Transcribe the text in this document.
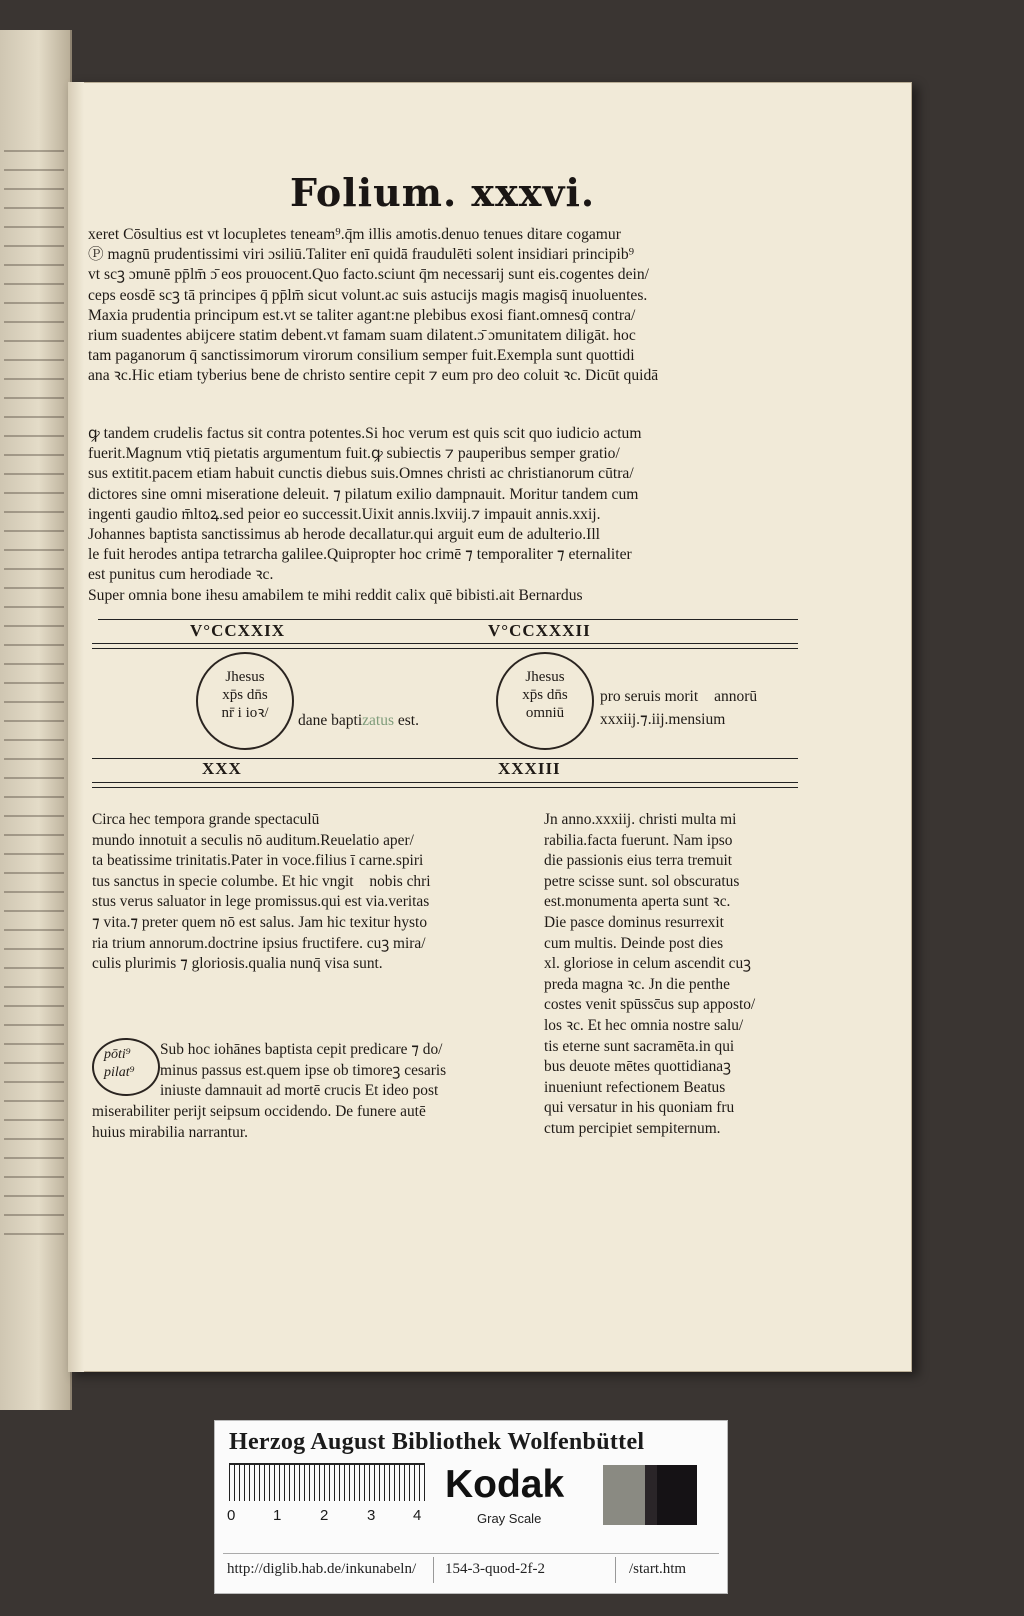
Folium. xxxvi.
xeret Cōsultius est vt locupletes teneam⁹.q̄m illis amotis.denuo tenues ditare cogamur
Ⓟ magnū prudentissimi viri ɔsiliū.Taliter enī quidā fraudulēti solent insidiari principib⁹
vt scꝫ ɔmunē pp̄lm̄ ɔ̄ eos prouocent.Quo facto.sciunt q̄m necessarij sunt eis.cogentes dein/
ceps eosdē scꝫ tā principes q̄ pp̄lm̄ sicut volunt.ac suis astucijs magis magisq̄ inuoluentes.
Maxia prudentia principum est.vt se taliter agant:ne plebibus exosi fiant.omnesq̄ contra/
rium suadentes abijcere statim debent.vt famam suam dilatent.ɔ̄ ɔmunitatem diligāt. hoc
tam paganorum q̄ sanctissimorum virorum consilium semper fuit.Exempla sunt quottidi
ana ꝛc.Hic etiam tyberius bene de christo sentire cepit ⁊ eum pro deo coluit ꝛc. Dicūt quidā
ꝙ tandem crudelis factus sit contra potentes.Si hoc verum est quis scit quo iudicio actum
fuerit.Magnum vtiq̄ pietatis argumentum fuit.ꝙ subiectis ⁊ pauperibus semper gratio/
sus extitit.pacem etiam habuit cunctis diebus suis.Omnes christi ac christianorum cūtra/
dictores sine omni miseratione deleuit. ⁊ pilatum exilio dampnauit. Moritur tandem cum
ingenti gaudio m̄ltoꝝ.sed peior eo successit.Uixit annis.lxviij.⁊ impauit annis.xxij.
Johannes baptista sanctissimus ab herode decallatur.qui arguit eum de adulterio.Ill
le fuit herodes antipa tetrarcha galilee.Quipropter hoc crimē ⁊ temporaliter ⁊ eternaliter
est punitus cum herodiade ꝛc.
Super omnia bone ihesu amabilem te mihi reddit calix quē bibisti.ait Bernardus
V°CCXXIX	V°CCXXXII
Jhesus
xp̄s dn̄s
nr̄ i ioꝛ/	dane baptizatus est.
Jhesus
xp̄s dn̄s
omniū
pro seruis moritᷓ annorū
xxxiij.⁊.iij.mensium
XXX	XXXIII
Circa hec tempora grande spectaculū
mundo innotuit a seculis nō auditum.Reuelatio aper/
ta beatissime trinitatis.Pater in voce.filius ī carne.spiri
tus sanctus in specie columbe. Et hic vngitᷓ nobis chri
stus verus saluator in lege promissus.qui est via.veritas
⁊ vita.⁊ preter quem nō est salus. Jam hic texitur hysto
ria trium annorum.doctrine ipsius fructifere. cuꝫ mira/
culis plurimis ⁊ gloriosis.qualia nunq̄ visa sunt.
pōti⁹
pilat⁹
Sub hoc iohānes baptista cepit predicare ⁊ do/
minus passus est.quem ipse ob timoreꝫ cesaris
iniuste damnauit ad mortē crucis Et ideo post
miserabiliter perijt seipsum occidendo. De funere autē
huius mirabilia narrantur.
Jn anno.xxxiij. christi multa mi
rabilia.facta fuerunt. Nam ipso
die passionis eius terra tremuit
petre scisse sunt. sol obscuratus
est.monumenta aperta sunt ꝛc.
Die pasce dominus resurrexit
cum multis. Deinde post dies
xl. gloriose in celum ascendit cuꝫ
preda magna ꝛc. Jn die penthe
costes venit spūssc̄us sup apposto/
los ꝛc. Et hec omnia nostre salu/
tis eterne sunt sacramēta.in qui
bus deuote mētes quottidianaꝫ
inueniunt refectionem Beatus
qui versatur in his quoniam fru
ctum percipiet sempiternum.
Herzog August Bibliothek Wolfenbüttel
0	1	2	3	4
Kodak
Gray Scale
http://diglib.hab.de/inkunabeln/ 154-3-quod-2f-2	/start.htm
